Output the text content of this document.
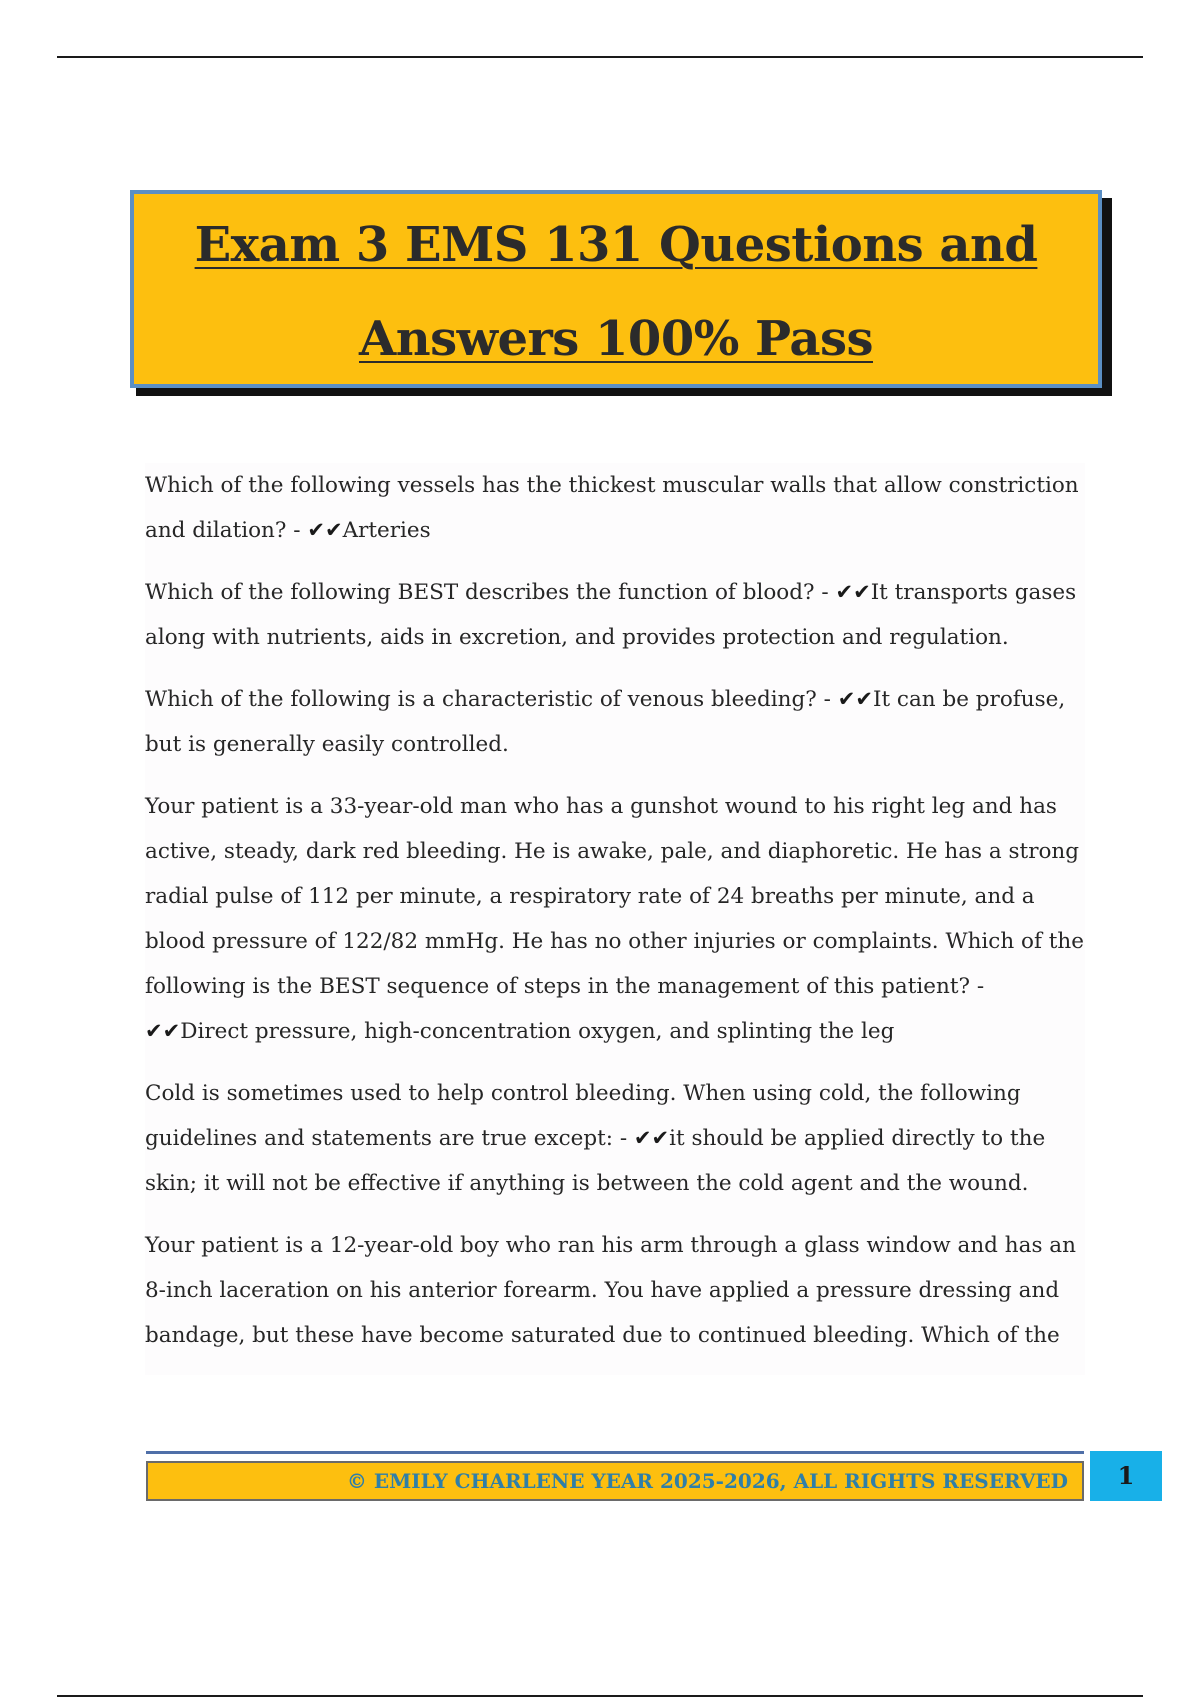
Exam 3 EMS 131 Questions and
Answers 100% Pass

Which of the following vessels has the thickest muscular walls that allow constriction and dilation? - ✔✔Arteries

Which of the following BEST describes the function of blood? - ✔✔It transports gases along with nutrients, aids in excretion, and provides protection and regulation.

Which of the following is a characteristic of venous bleeding? - ✔✔It can be profuse, but is generally easily controlled.

Your patient is a 33-year-old man who has a gunshot wound to his right leg and has active, steady, dark red bleeding. He is awake, pale, and diaphoretic. He has a strong radial pulse of 112 per minute, a respiratory rate of 24 breaths per minute, and a blood pressure of 122/82 mmHg. He has no other injuries or complaints. Which of the following is the BEST sequence of steps in the management of this patient? - ✔✔Direct pressure, high-concentration oxygen, and splinting the leg

Cold is sometimes used to help control bleeding. When using cold, the following guidelines and statements are true except: - ✔✔it should be applied directly to the skin; it will not be effective if anything is between the cold agent and the wound.

Your patient is a 12-year-old boy who ran his arm through a glass window and has an 8-inch laceration on his anterior forearm. You have applied a pressure dressing and bandage, but these have become saturated due to continued bleeding. Which of the

© EMILY CHARLENE YEAR 2025-2026, ALL RIGHTS RESERVED	1
